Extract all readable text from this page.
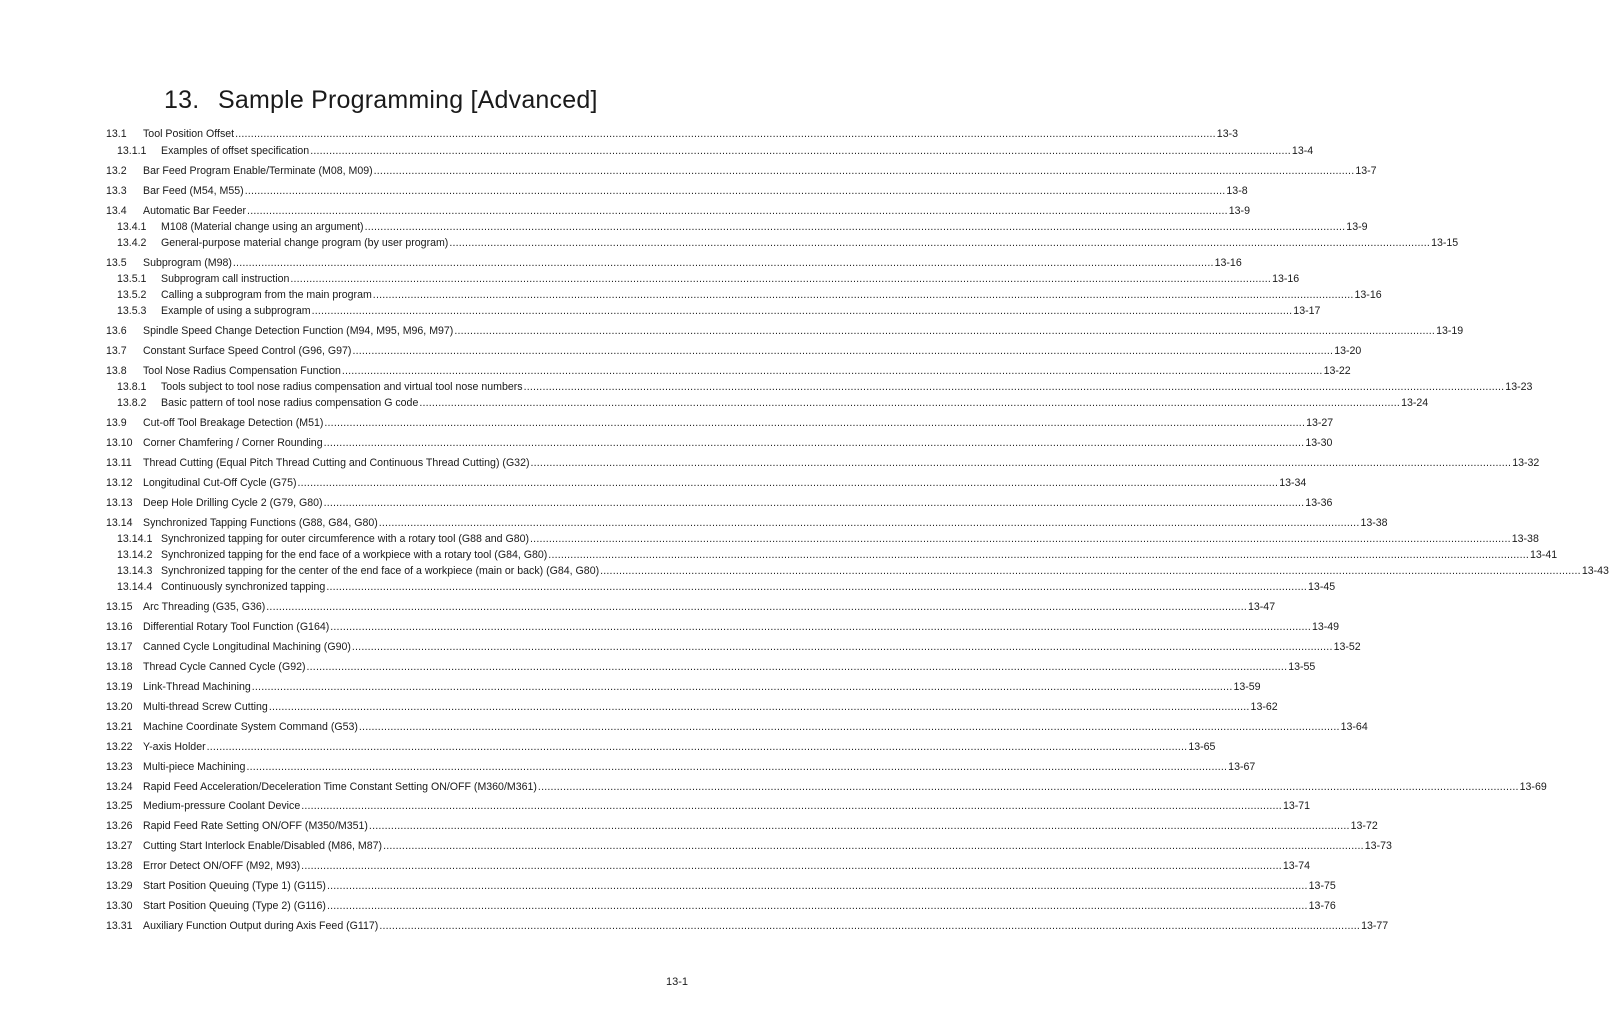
13. Sample Programming [Advanced]
13.1	Tool Position Offset .....	13-3
13.1.1	Examples of offset specification .....	13-4
13.2	Bar Feed Program Enable/Terminate (M08, M09) .....	13-7
13.3	Bar Feed (M54, M55) .....	13-8
13.4	Automatic Bar Feeder .....	13-9
13.4.1	M108 (Material change using an argument) .....	13-9
13.4.2	General-purpose material change program (by user program) .....	13-15
13.5	Subprogram (M98) .....	13-16
13.5.1	Subprogram call instruction .....	13-16
13.5.2	Calling a subprogram from the main program .....	13-16
13.5.3	Example of using a subprogram .....	13-17
13.6	Spindle Speed Change Detection Function (M94, M95, M96, M97) .....	13-19
13.7	Constant Surface Speed Control (G96, G97) .....	13-20
13.8	Tool Nose Radius Compensation Function .....	13-22
13.8.1	Tools subject to tool nose radius compensation and virtual tool nose numbers .....	13-23
13.8.2	Basic pattern of tool nose radius compensation G code .....	13-24
13.9	Cut-off Tool Breakage Detection (M51) .....	13-27
13.10 Corner Chamfering / Corner Rounding .....	13-30
13.11	Thread Cutting (Equal Pitch Thread Cutting and Continuous Thread Cutting) (G32) .....	13-32
13.12 Longitudinal Cut-Off Cycle (G75) .....	13-34
13.13 Deep Hole Drilling Cycle 2 (G79, G80) .....	13-36
13.14 Synchronized Tapping Functions (G88, G84, G80) .....	13-38
13.14.1 Synchronized tapping for outer circumference with a rotary tool (G88 and G80) .....	13-38
13.14.2 Synchronized tapping for the end face of a workpiece with a rotary tool (G84, G80) .....	13-41
13.14.3 Synchronized tapping for the center of the end face of a workpiece (main or back) (G84, G80) .....	13-43
13.14.4 Continuously synchronized tapping .....	13-45
13.15 Arc Threading (G35, G36) .....	13-47
13.16 Differential Rotary Tool Function (G164) .....	13-49
13.17 Canned Cycle Longitudinal Machining (G90) .....	13-52
13.18 Thread Cycle Canned Cycle (G92) .....	13-55
13.19 Link-Thread Machining .....	13-59
13.20 Multi-thread Screw Cutting .....	13-62
13.21 Machine Coordinate System Command (G53) .....	13-64
13.22 Y-axis Holder .....	13-65
13.23 Multi-piece Machining .....	13-67
13.24 Rapid Feed Acceleration/Deceleration Time Constant Setting ON/OFF (M360/M361) .....	13-69
13.25 Medium-pressure Coolant Device .....	13-71
13.26 Rapid Feed Rate Setting ON/OFF (M350/M351) .....	13-72
13.27 Cutting Start Interlock Enable/Disabled (M86, M87) .....	13-73
13.28 Error Detect ON/OFF (M92, M93) .....	13-74
13.29 Start Position Queuing (Type 1) (G115) .....	13-75
13.30 Start Position Queuing (Type 2) (G116) .....	13-76
13.31 Auxiliary Function Output during Axis Feed (G117) .....	13-77
13-1
